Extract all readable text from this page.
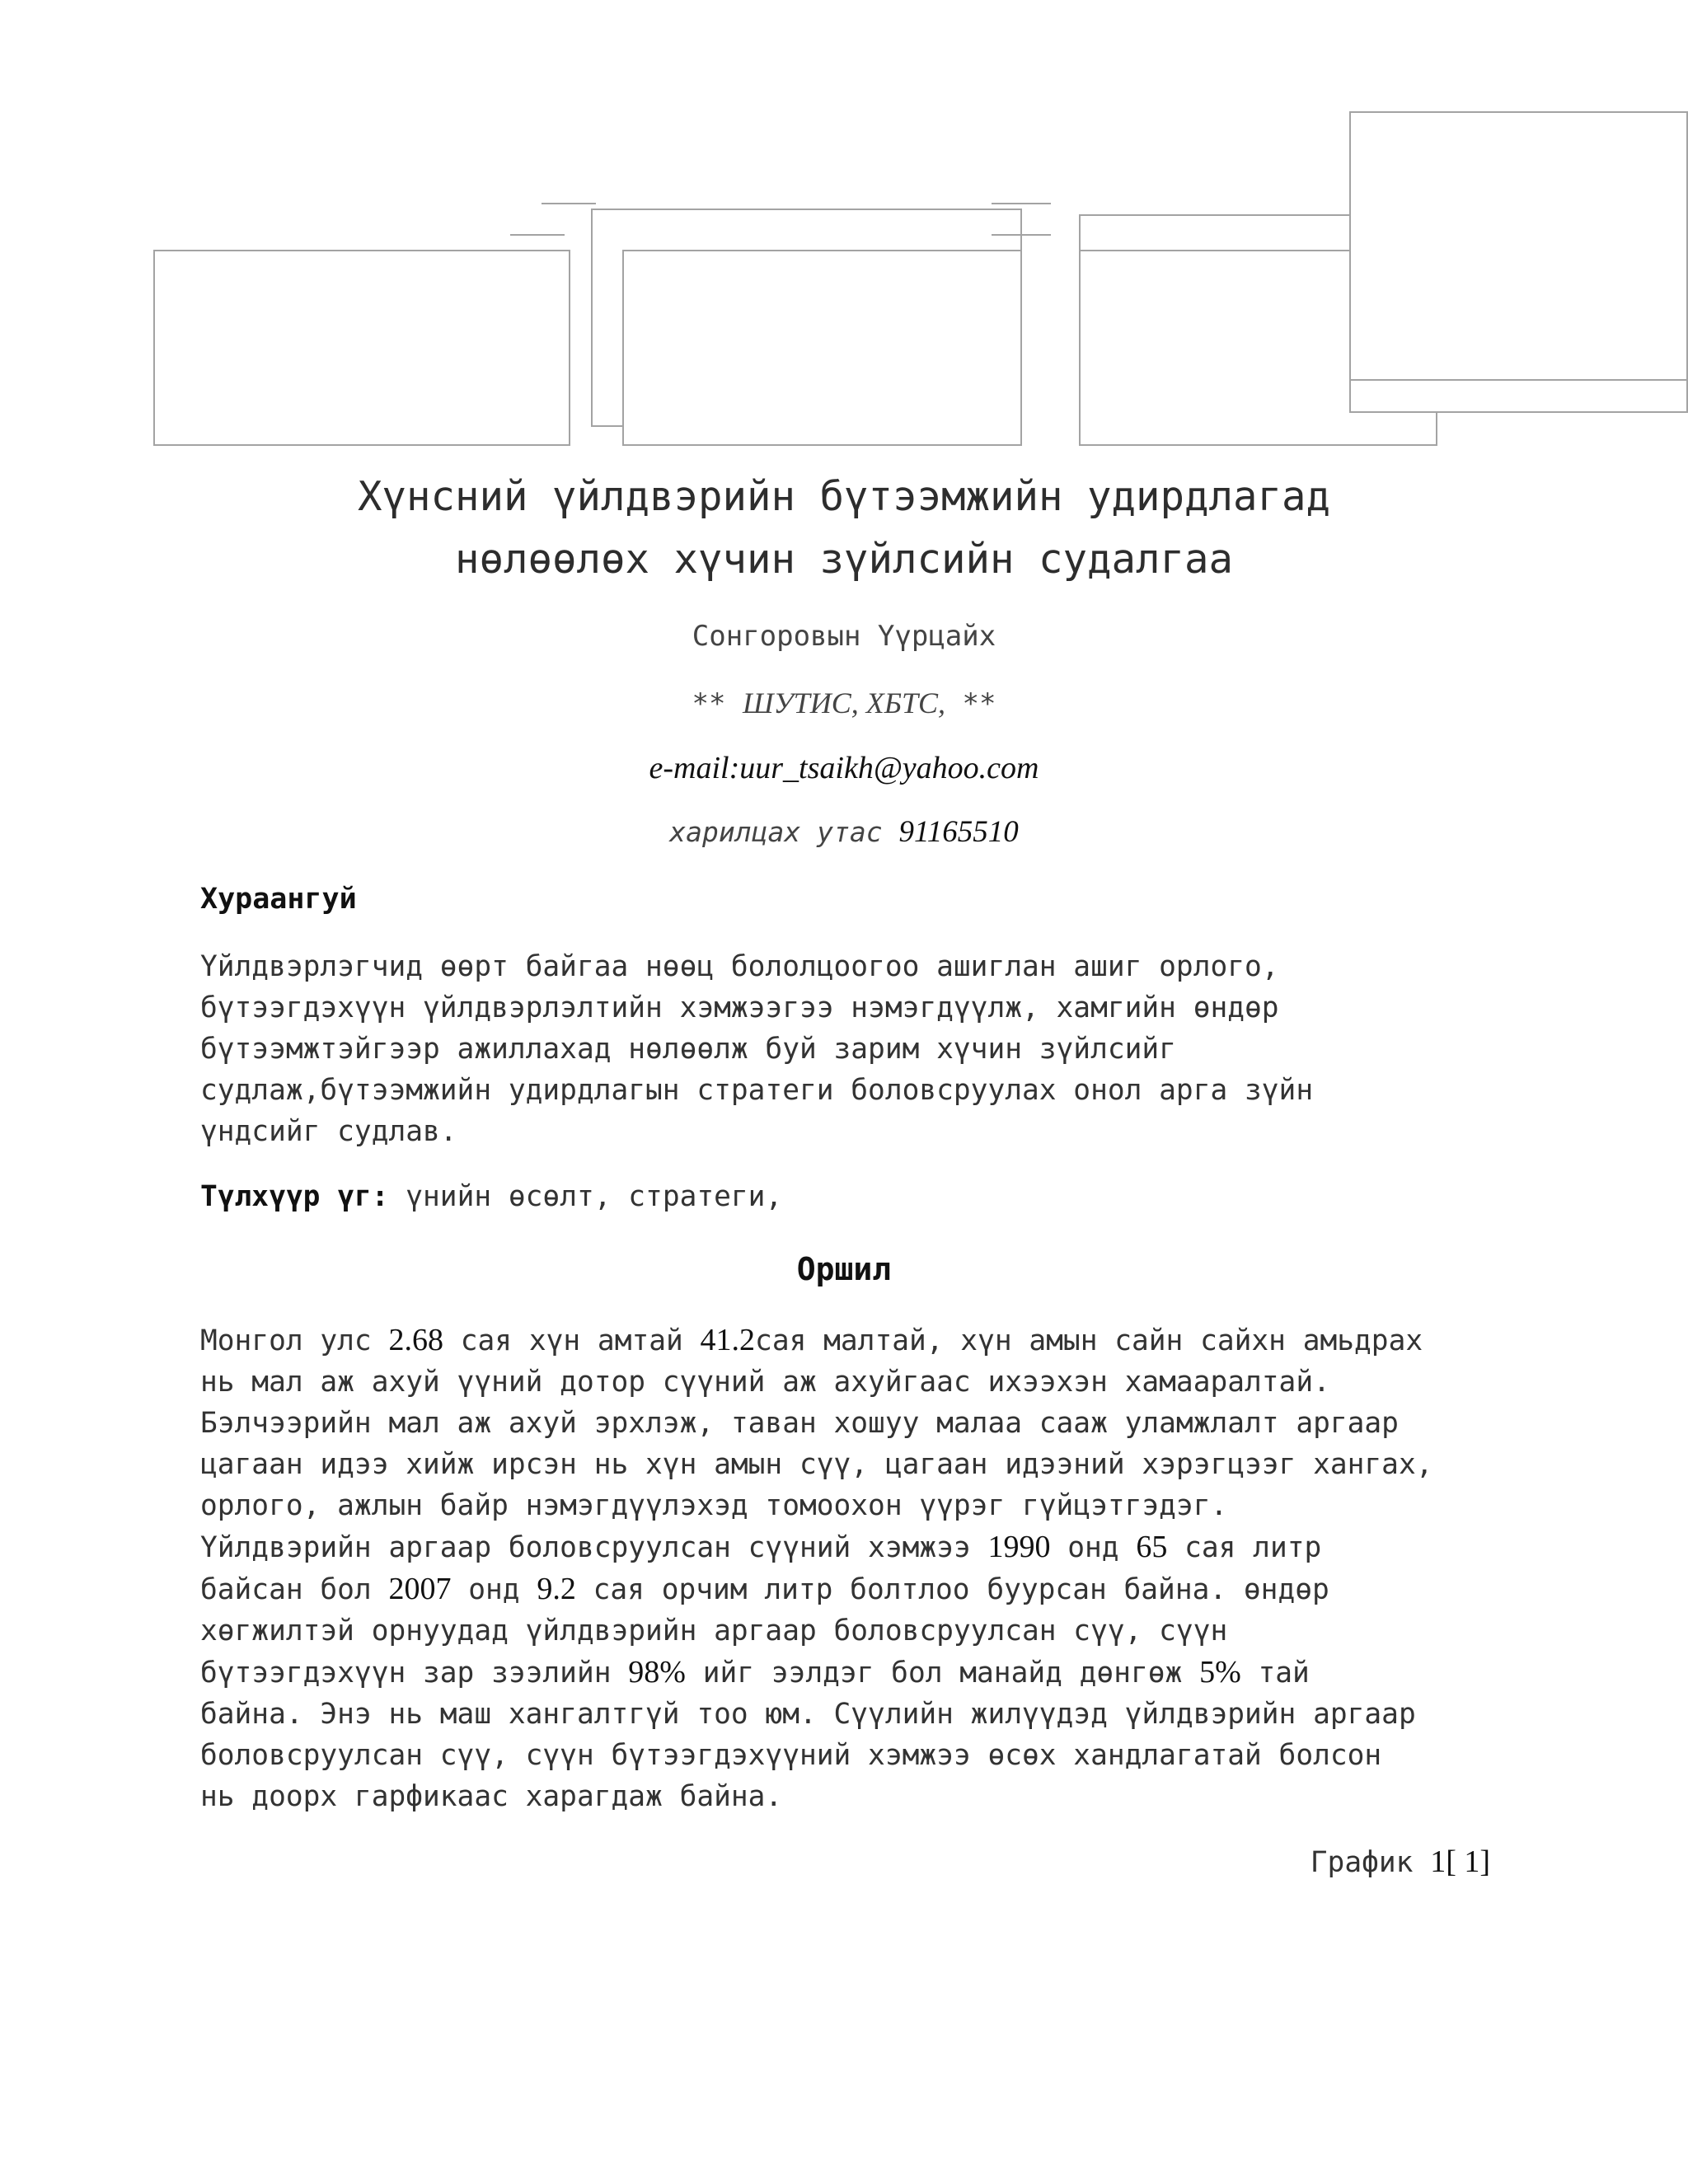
Хүнсний үйлдвэрийн бүтээмжийн удирдлагад
нөлөөлөх хүчин зүйлсийн судалгаа
Сонгоровын Үүрцайх
** ШУТИС, ХБТС, **
e-mail:uur_tsaikh@yahoo.com
харилцах утас 91165510
Хураангуй
Үйлдвэрлэгчид өөрт байгаа нөөц бололцоогоо ашиглан ашиг орлого,
бүтээгдэхүүн үйлдвэрлэлтийн хэмжээгээ нэмэгдүүлж, хамгийн өндөр
бүтээмжтэйгээр ажиллахад нөлөөлж буй зарим хүчин зүйлсийг
судлаж,бүтээмжийн удирдлагын стратеги боловсруулах онол арга зүйн
үндсийг судлав.
Түлхүүр үг: үнийн өсөлт, стратеги,
Оршил
Монгол улс 2.68 сая хүн амтай 41.2сая малтай, хүн амын сайн сайхн амьдрах
нь мал аж ахуй үүний дотор сүүний аж ахуйгаас ихээхэн хамааралтай.
Бэлчээрийн мал аж ахуй эрхлэж, таван хошуу малаа сааж уламжлалт аргаар
цагаан идээ хийж ирсэн нь хүн амын сүү, цагаан идээний хэрэгцээг хангах,
орлого, ажлын байр нэмэгдүүлэхэд томоохон үүрэг гүйцэтгэдэг.
Үйлдвэрийн аргаар боловсруулсан сүүний хэмжээ 1990 онд 65 сая литр
байсан бол 2007 онд 9.2 сая орчим литр болтлоо буурсан байна. өндөр
хөгжилтэй орнуудад үйлдвэрийн аргаар боловсруулсан сүү, сүүн
бүтээгдэхүүн зар зээлийн 98% ийг ээлдэг бол манайд дөнгөж 5% тай
байна. Энэ нь маш хангалтгүй тоо юм. Сүүлийн жилүүдэд үйлдвэрийн аргаар
боловсруулсан сүү, сүүн бүтээгдэхүүний хэмжээ өсөх хандлагатай болсон
нь доорх гарфикаас харагдаж байна.
График 1[ 1]
